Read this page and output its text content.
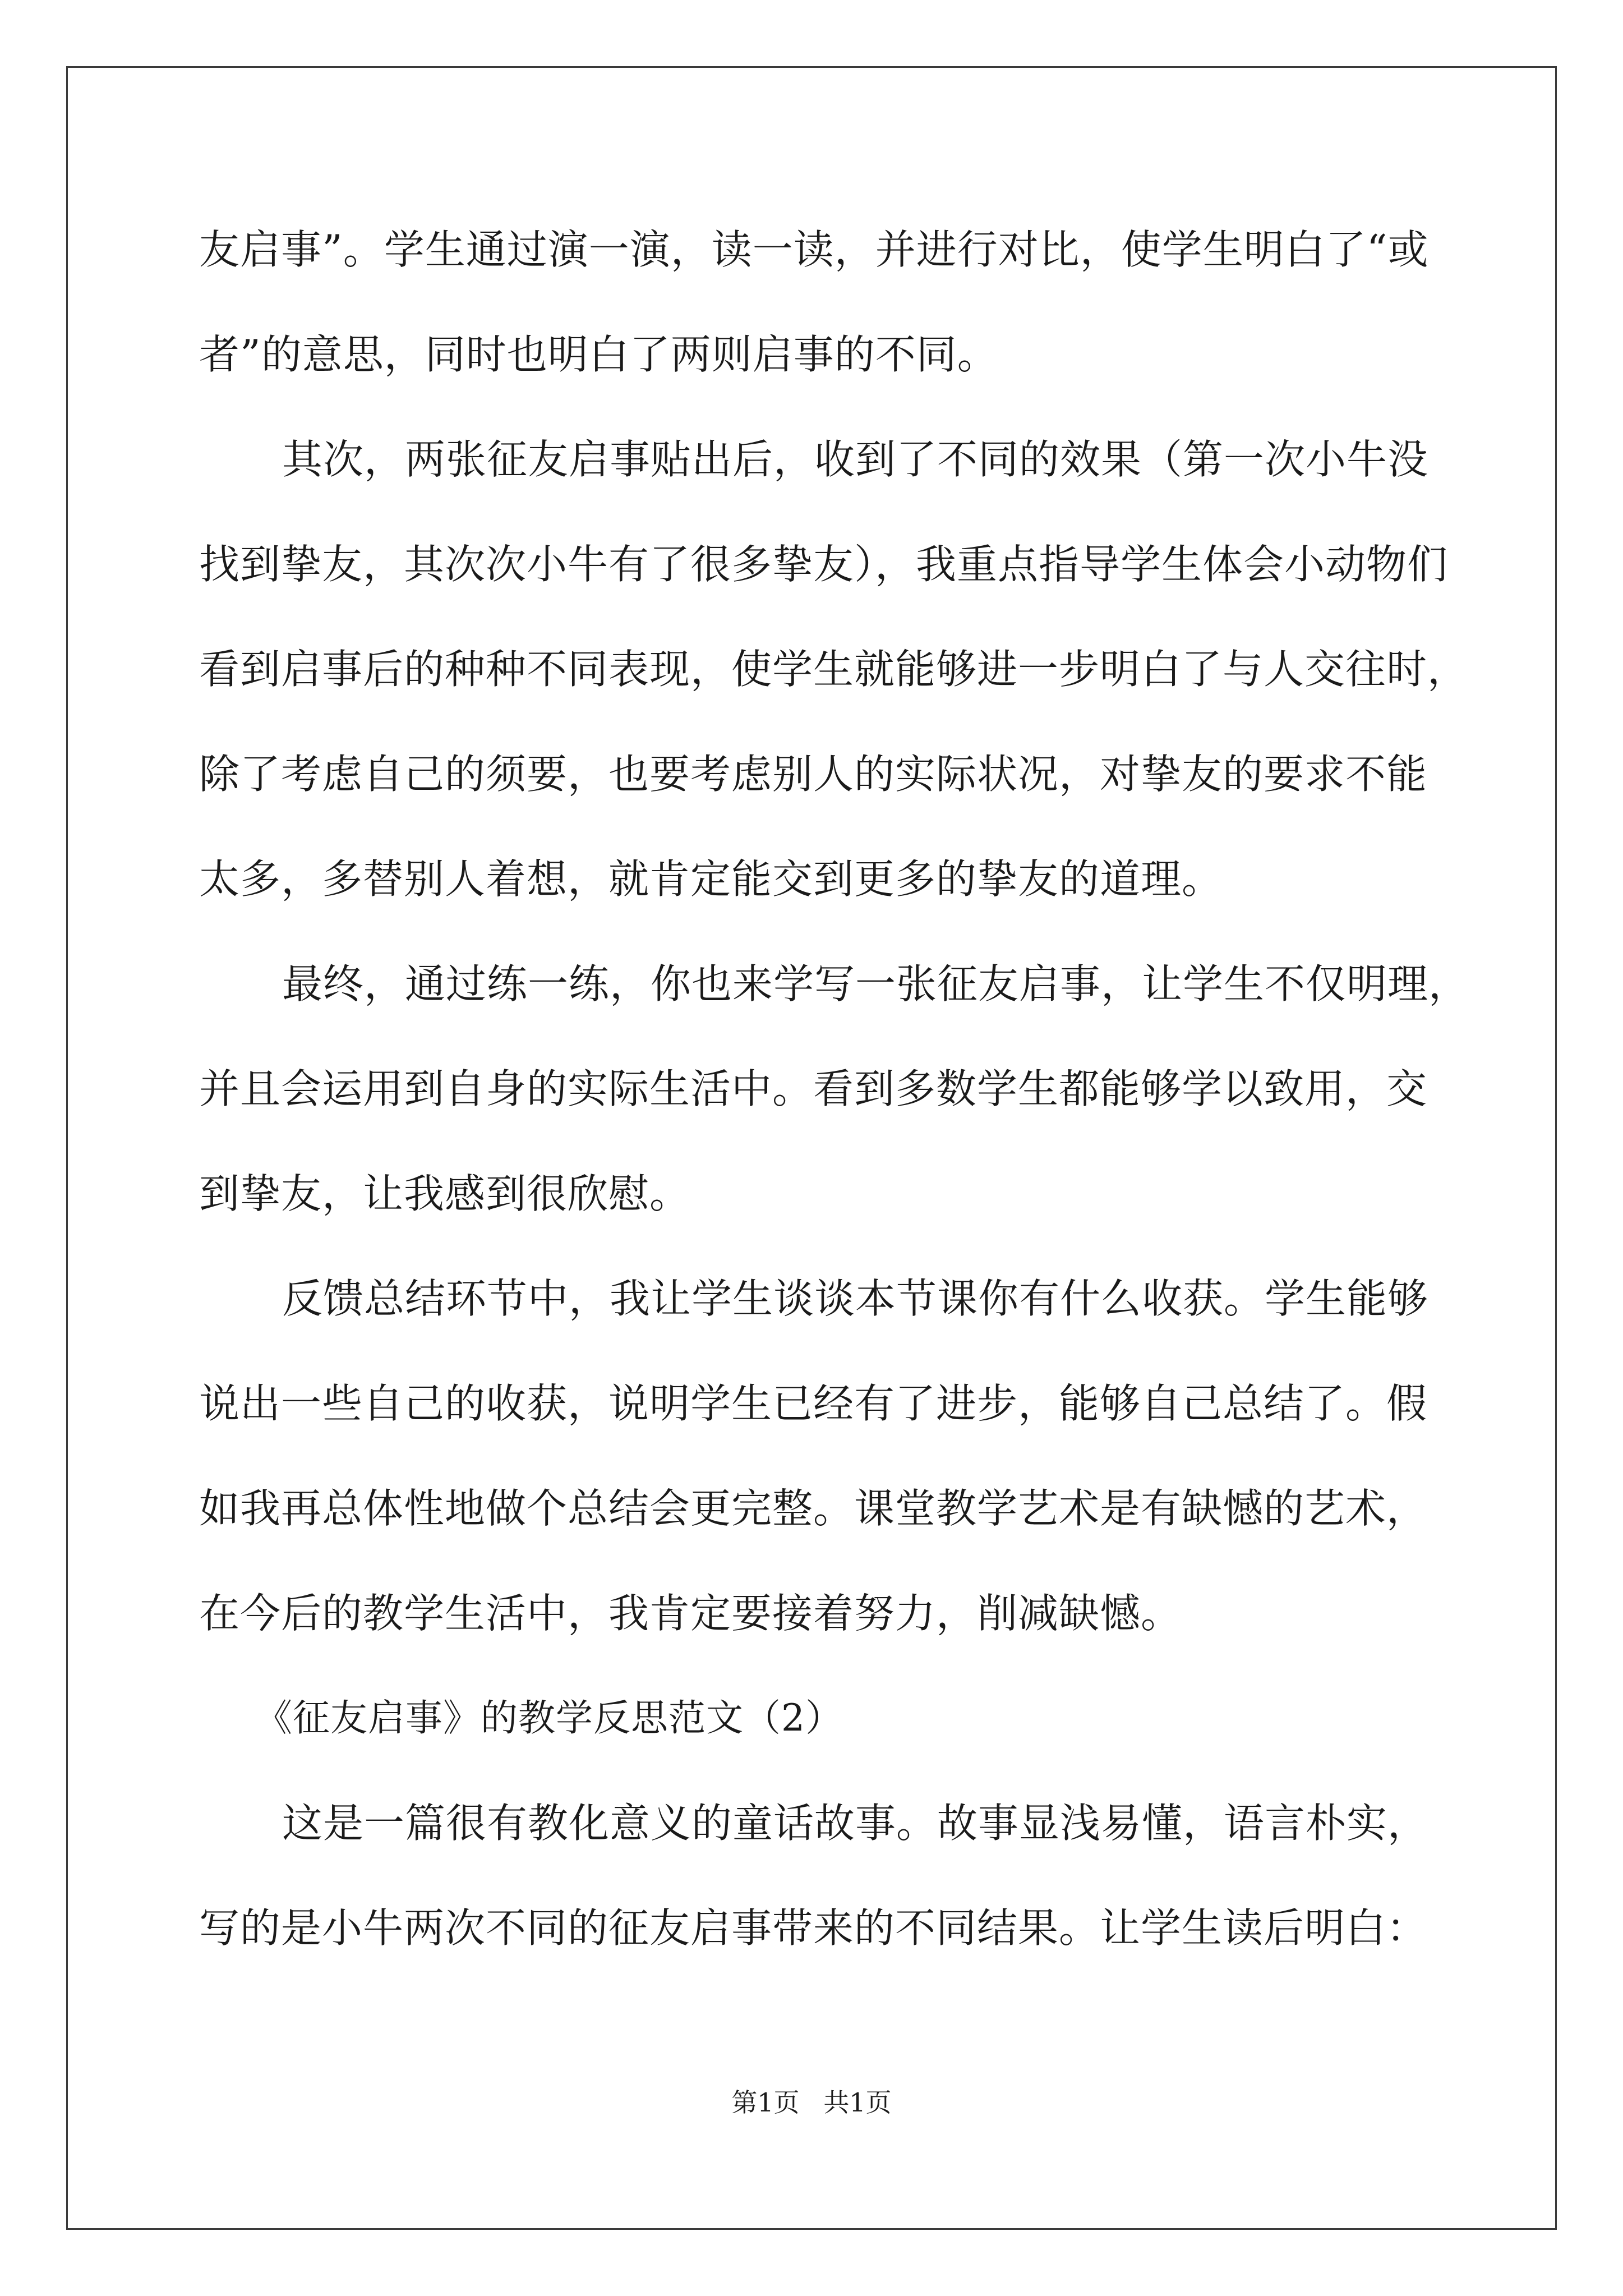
友启事”。学生通过演一演，读一读，并进行对比，使学生明白了“或
者”的意思，同时也明白了两则启事的不同。
其次，两张征友启事贴出后，收到了不同的效果（第一次小牛没
找到挚友，其次次小牛有了很多挚友），我重点指导学生体会小动物们
看到启事后的种种不同表现，使学生就能够进一步明白了与人交往时，
除了考虑自己的须要，也要考虑别人的实际状况，对挚友的要求不能
太多，多替别人着想，就肯定能交到更多的挚友的道理。
最终，通过练一练，你也来学写一张征友启事，让学生不仅明理，
并且会运用到自身的实际生活中。看到多数学生都能够学以致用，交
到挚友，让我感到很欣慰。
反馈总结环节中，我让学生谈谈本节课你有什么收获。学生能够
说出一些自己的收获，说明学生已经有了进步，能够自己总结了。假
如我再总体性地做个总结会更完整。课堂教学艺术是有缺憾的艺术，
在今后的教学生活中，我肯定要接着努力，削减缺憾。
《征友启事》的教学反思范文（2）
这是一篇很有教化意义的童话故事。故事显浅易懂，语言朴实，
写的是小牛两次不同的征友启事带来的不同结果。让学生读后明白：
第1页 共1页
